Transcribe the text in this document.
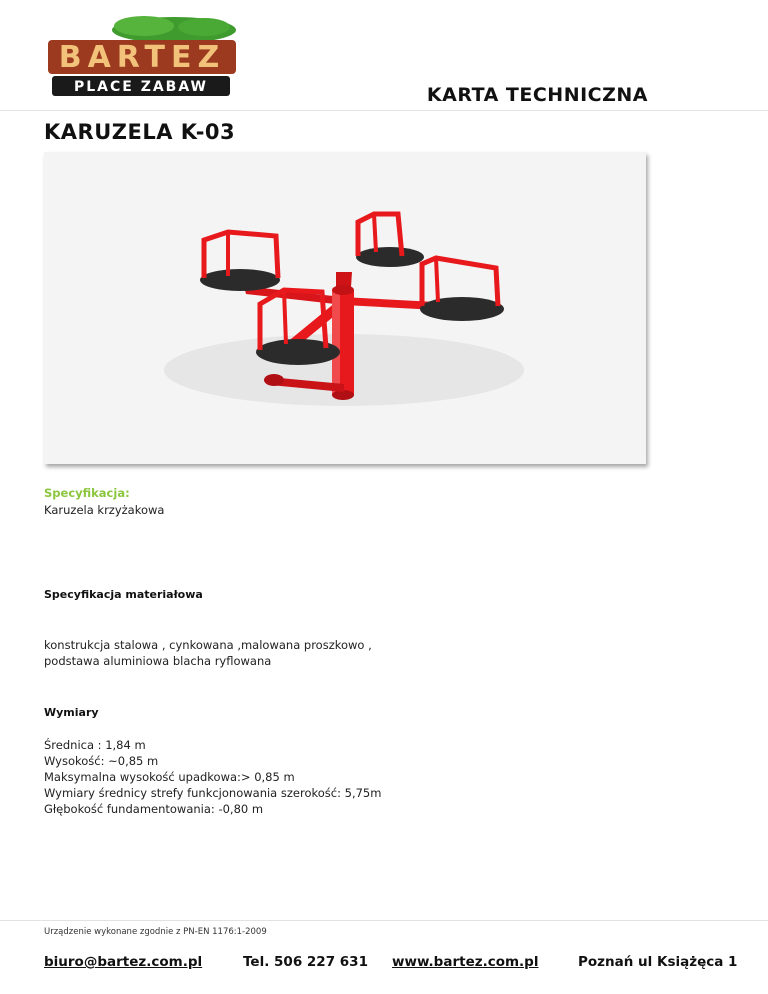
BARTEZ
PLACE ZABAW	KARTA TECHNICZNA
KARUZELA K-03
Specyfikacja:
Karuzela krzyżakowa
Specyfikacja materiałowa
konstrukcja stalowa , cynkowana ,malowana proszkowo ,
podstawa aluminiowa blacha ryflowana
Wymiary
Średnica : 1,84 m
Wysokość: ~0,85 m
Maksymalna wysokość upadkowa:> 0,85 m
Wymiary średnicy strefy funkcjonowania szerokość: 5,75m
Głębokość fundamentowania: -0,80 m
Urządzenie wykonane zgodnie z PN-EN 1176:1-2009
biuro@bartez.com.pl	Tel. 506 227 631 www.bartez.com.pl	Poznań ul Książęca 1
